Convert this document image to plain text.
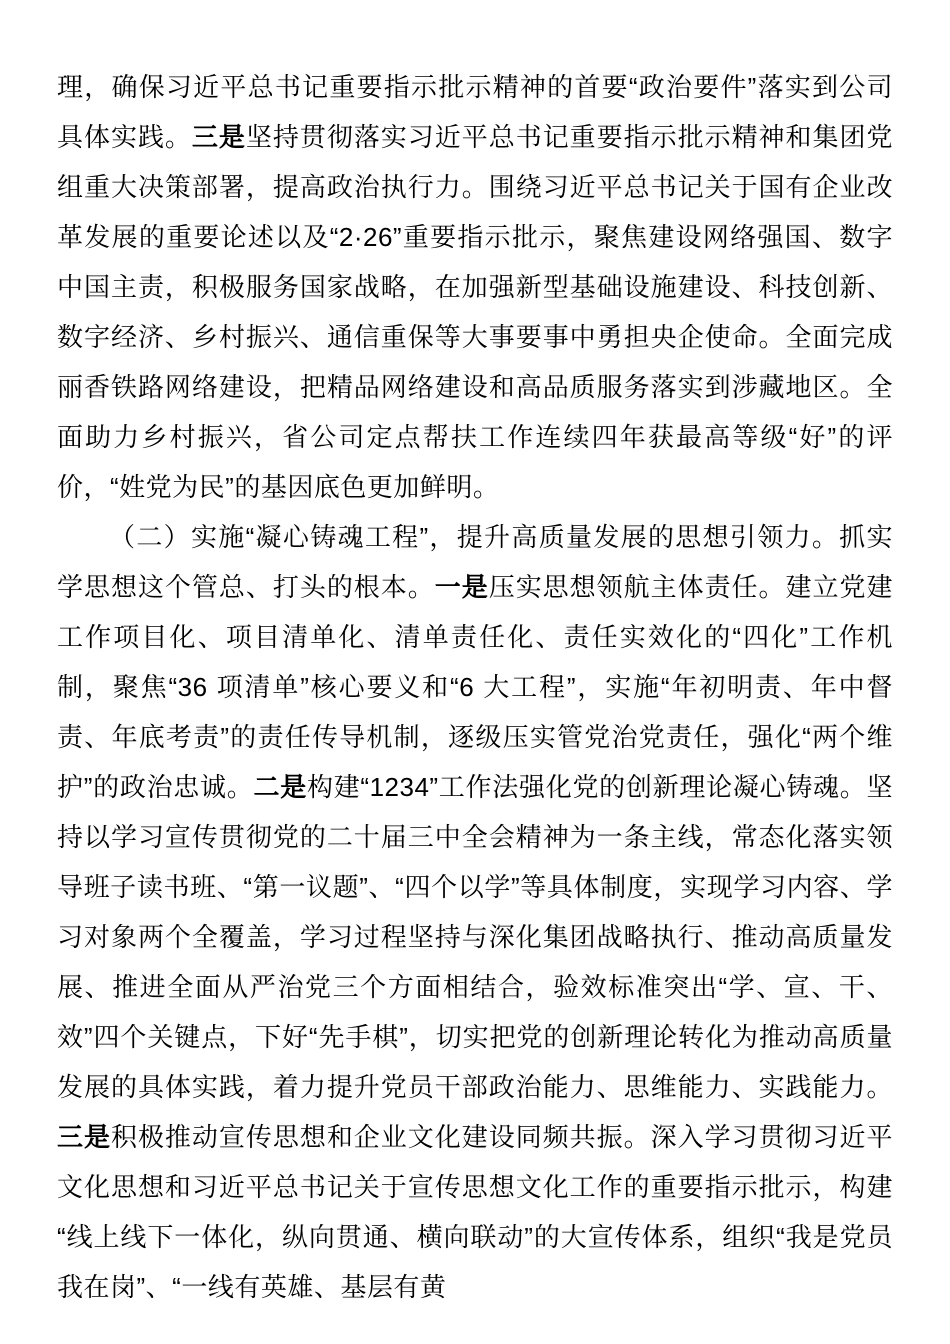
理，确保习近平总书记重要指示批示精神的首要“政治要件”落实到公司具体实践。三是坚持贯彻落实习近平总书记重要指示批示精神和集团党组重大决策部署，提高政治执行力。围绕习近平总书记关于国有企业改革发展的重要论述以及“2·26”重要指示批示，聚焦建设网络强国、数字中国主责，积极服务国家战略，在加强新型基础设施建设、科技创新、数字经济、乡村振兴、通信重保等大事要事中勇担央企使命。全面完成丽香铁路网络建设，把精品网络建设和高品质服务落实到涉藏地区。全面助力乡村振兴，省公司定点帮扶工作连续四年获最高等级“好”的评价，“姓党为民”的基因底色更加鲜明。

（二）实施“凝心铸魂工程”，提升高质量发展的思想引领力。抓实学思想这个管总、打头的根本。一是压实思想领航主体责任。建立党建工作项目化、项目清单化、清单责任化、责任实效化的“四化”工作机制，聚焦“36 项清单”核心要义和“6 大工程”，实施“年初明责、年中督责、年底考责”的责任传导机制，逐级压实管党治党责任，强化“两个维护”的政治忠诚。二是构建“1234”工作法强化党的创新理论凝心铸魂。坚持以学习宣传贯彻党的二十届三中全会精神为一条主线，常态化落实领导班子读书班、“第一议题”、“四个以学”等具体制度，实现学习内容、学习对象两个全覆盖，学习过程坚持与深化集团战略执行、推动高质量发展、推进全面从严治党三个方面相结合，验效标准突出“学、宣、干、效”四个关键点，下好“先手棋”，切实把党的创新理论转化为推动高质量发展的具体实践，着力提升党员干部政治能力、思维能力、实践能力。三是积极推动宣传思想和企业文化建设同频共振。深入学习贯彻习近平文化思想和习近平总书记关于宣传思想文化工作的重要指示批示，构建“线上线下一体化，纵向贯通、横向联动”的大宣传体系，组织“我是党员我在岗”、“一线有英雄、基层有黄
